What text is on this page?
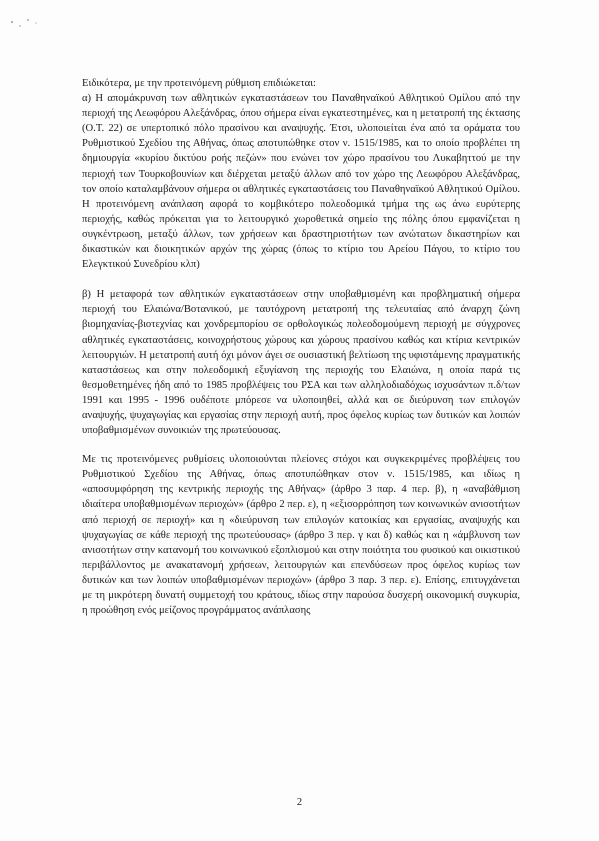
Ειδικότερα, με την προτεινόμενη ρύθμιση επιδιώκεται:

α) Η απομάκρυνση των αθλητικών εγκαταστάσεων του Παναθηναϊκού Αθλητικού Ομίλου από την περιοχή της Λεωφόρου Αλεξάνδρας, όπου σήμερα είναι εγκατεστημένες, και η μετατροπή της έκτασης (Ο.Τ. 22) σε υπερτοπικό πόλο πρασίνου και αναψυχής. Έτσι, υλοποιείται ένα από τα οράματα του Ρυθμιστικού Σχεδίου της Αθήνας, όπως αποτυπώθηκε στον ν. 1515/1985, και το οποίο προβλέπει τη δημιουργία «κυρίου δικτύου ροής πεζών» που ενώνει τον χώρο πρασίνου του Λυκαβηττού με την περιοχή των Τουρκοβουνίων και διέρχεται μεταξύ άλλων από τον χώρο της Λεωφόρου Αλεξάνδρας, τον οποίο καταλαμβάνουν σήμερα οι αθλητικές εγκαταστάσεις του Παναθηναϊκού Αθλητικού Ομίλου. Η προτεινόμενη ανάπλαση αφορά το κομβικότερο πολεοδομικά τμήμα της ως άνω ευρύτερης περιοχής, καθώς πρόκειται για το λειτουργικό χωροθετικά σημείο της πόλης όπου εμφανίζεται η συγκέντρωση, μεταξύ άλλων, των χρήσεων και δραστηριοτήτων των ανώτατων δικαστηρίων και δικαστικών και διοικητικών αρχών της χώρας (όπως το κτίριο του Αρείου Πάγου, το κτίριο του Ελεγκτικού Συνεδρίου κλπ)

β) Η μεταφορά των αθλητικών εγκαταστάσεων στην υποβαθμισμένη και προβληματική σήμερα περιοχή του Ελαιώνα/Βοτανικού, με ταυτόχρονη μετατροπή της τελευταίας από άναρχη ζώνη βιομηχανίας-βιοτεχνίας και χονδρεμπορίου σε ορθολογικώς πολεοδομούμενη περιοχή με σύγχρονες αθλητικές εγκαταστάσεις, κοινοχρήστους χώρους και χώρους πρασίνου καθώς και κτίρια κεντρικών λειτουργιών. Η μετατροπή αυτή όχι μόνον άγει σε ουσιαστική βελτίωση της υφιστάμενης πραγματικής καταστάσεως και στην πολεοδομική εξυγίανση της περιοχής του Ελαιώνα, η οποία παρά τις θεσμοθετημένες ήδη από το 1985 προβλέψεις του ΡΣΑ και των αλληλοδιαδόχως ισχυσάντων π.δ/των 1991 και 1995 - 1996 ουδέποτε μπόρεσε να υλοποιηθεί, αλλά και σε διεύρυνση των επιλογών αναψυχής, ψυχαγωγίας και εργασίας στην περιοχή αυτή, προς όφελος κυρίως των δυτικών και λοιπών υποβαθμισμένων συνοικιών της πρωτεύουσας.

Με τις προτεινόμενες ρυθμίσεις υλοποιούνται πλείονες στόχοι και συγκεκριμένες προβλέψεις του Ρυθμιστικού Σχεδίου της Αθήνας, όπως αποτυπώθηκαν στον ν. 1515/1985, και ιδίως η «αποσυμφόρηση της κεντρικής περιοχής της Αθήνας» (άρθρο 3 παρ. 4 περ. β), η «αναβάθμιση ιδιαίτερα υποβαθμισμένων περιοχών» (άρθρο 2 περ. ε), η «εξισορρόπηση των κοινωνικών ανισοτήτων από περιοχή σε περιοχή» και η «διεύρυνση των επιλογών κατοικίας και εργασίας, αναψυχής και ψυχαγωγίας σε κάθε περιοχή της πρωτεύουσας» (άρθρο 3 περ. γ και δ) καθώς και η «άμβλυνση των ανισοτήτων στην κατανομή του κοινωνικού εξοπλισμού και στην ποιότητα του φυσικού και οικιστικού περιβάλλοντος με ανακατανομή χρήσεων, λειτουργιών και επενδύσεων προς όφελος κυρίως των δυτικών και των λοιπών υποβαθμισμένων περιοχών» (άρθρο 3 παρ. 3 περ. ε). Επίσης, επιτυγχάνεται με τη μικρότερη δυνατή συμμετοχή του κράτους, ιδίως στην παρούσα δυσχερή οικονομική συγκυρία, η προώθηση ενός μείζονος προγράμματος ανάπλασης

2
